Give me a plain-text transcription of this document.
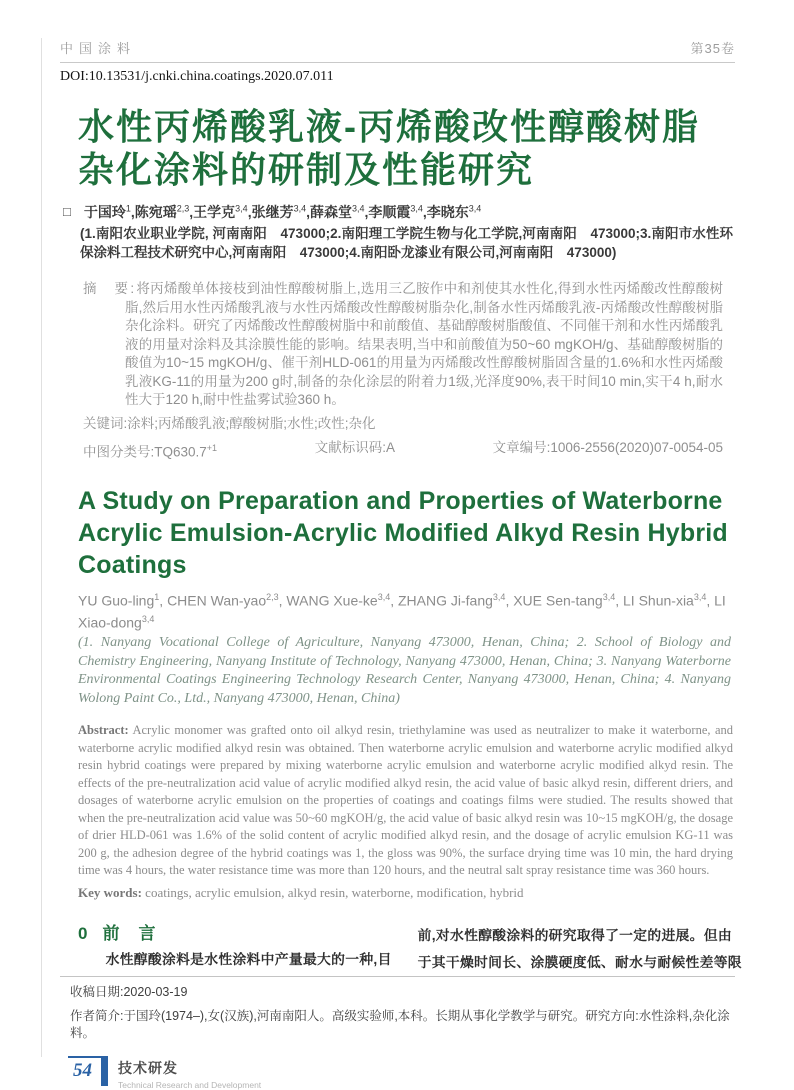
中国涂料	第35卷
DOI:10.13531/j.cnki.china.coatings.2020.07.011
水性丙烯酸乳液-丙烯酸改性醇酸树脂
杂化涂料的研制及性能研究
□ 于国玲$^1$,陈宛瑶$^{2,3}$,王学克$^{3,4}$,张继芳$^{3,4}$,薛森堂$^{3,4}$,李顺霞$^{3,4}$,李晓东$^{3,4}$
(1.南阳农业职业学院, 河南南阳　473000;2.南阳理工学院生物与化工学院,河南南阳　473000;3.南阳市水性环保涂料工程技术研究中心,河南南阳　473000;4.南阳卧龙漆业有限公司,河南南阳　473000)

摘　要:将丙烯酸单体接枝到油性醇酸树脂上,选用三乙胺作中和剂使其水性化,得到水性丙烯酸改性醇酸树脂,然后用水性丙烯酸乳液与水性丙烯酸改性醇酸树脂杂化,制备水性丙烯酸乳液-丙烯酸改性醇酸树脂杂化涂料。研究了丙烯酸改性醇酸树脂中和前酸值、基础醇酸树脂酸值、不同催干剂和水性丙烯酸乳液的用量对涂料及其涂膜性能的影响。结果表明,当中和前酸值为50~60 mgKOH/g、基础醇酸树脂的酸值为10~15 mgKOH/g、催干剂HLD-061的用量为丙烯酸改性醇酸树脂固含量的1.6%和水性丙烯酸乳液KG-11的用量为200 g时,制备的杂化涂层的附着力1级,光泽度90%,表干时间10 min,实干4 h,耐水性大于120 h,耐中性盐雾试验360 h。

关键词:涂料;丙烯酸乳液;醇酸树脂;水性;改性;杂化
中图分类号$:TQ630.7^{+1}$	文献标识码:A	文章编号:1006-2556(2020)07-0054-05
A Study on Preparation and Properties of Waterborne
Acrylic Emulsion-Acrylic Modified Alkyd Resin Hybrid
Coatings
YU Guo-ling$^1$, CHEN Wan-yao$^{2,3}$, WANG Xue-ke$^{3,4}$, ZHANG Ji-fang$^{3,4}$, XUE Sen-tang$^{3,4}$, LI Shun-xia$^{3,4}$, LI Xiao-dong$^{3,4}$
(1. Nanyang Vocational College of Agriculture, Nanyang 473000, Henan, China; 2. School of Biology and Chemistry Engineering, Nanyang Institute of Technology, Nanyang 473000, Henan, China; 3. Nanyang Waterborne Environmental Coatings Engineering Technology Research Center, Nanyang 473000, Henan, China; 4. Nanyang Wolong Paint Co., Ltd., Nanyang 473000, Henan, China)

Abstract: Acrylic monomer was grafted onto oil alkyd resin, triethylamine was used as neutralizer to make it waterborne, and waterborne acrylic modified alkyd resin was obtained. Then waterborne acrylic emulsion and waterborne acrylic modified alkyd resin hybrid coatings were prepared by mixing waterborne acrylic emulsion and waterborne acrylic modified alkyd resin. The effects of the pre-neutralization acid value of acrylic modified alkyd resin, the acid value of basic alkyd resin, different driers, and dosages of waterborne acrylic emulsion on the properties of coatings and coatings films were studied. The results showed that when the pre-neutralization acid value was 50~60 mgKOH/g, the acid value of basic alkyd resin was 10~15 mgKOH/g, the dosage of drier HLD-061 was 1.6% of the solid content of acrylic modified alkyd resin, and the dosage of acrylic emulsion KG-11 was 200 g, the adhesion degree of the hybrid coatings was 1, the gloss was 90%, the surface drying time was 10 min, the hard drying time was 4 hours, the water resistance time was more than 120 hours, and the neutral salt spray resistance time was 360 hours.

Key words: coatings, acrylic emulsion, alkyd resin, waterborne, modification, hybrid
0 前　言

水性醇酸涂料是水性涂料中产量最大的一种,目

前,对水性醇酸涂料的研究取得了一定的进展。但由

于其干燥时间长、涂膜硬度低、耐水与耐候性差等限

收稿日期:2020-03-19
作者简介:于国玲(1974–),女(汉族),河南南阳人。高级实验师,本科。长期从事化学教学与研究。研究方向:水性涂料,杂化涂料。
54	技术研发
Technical Research and Development
